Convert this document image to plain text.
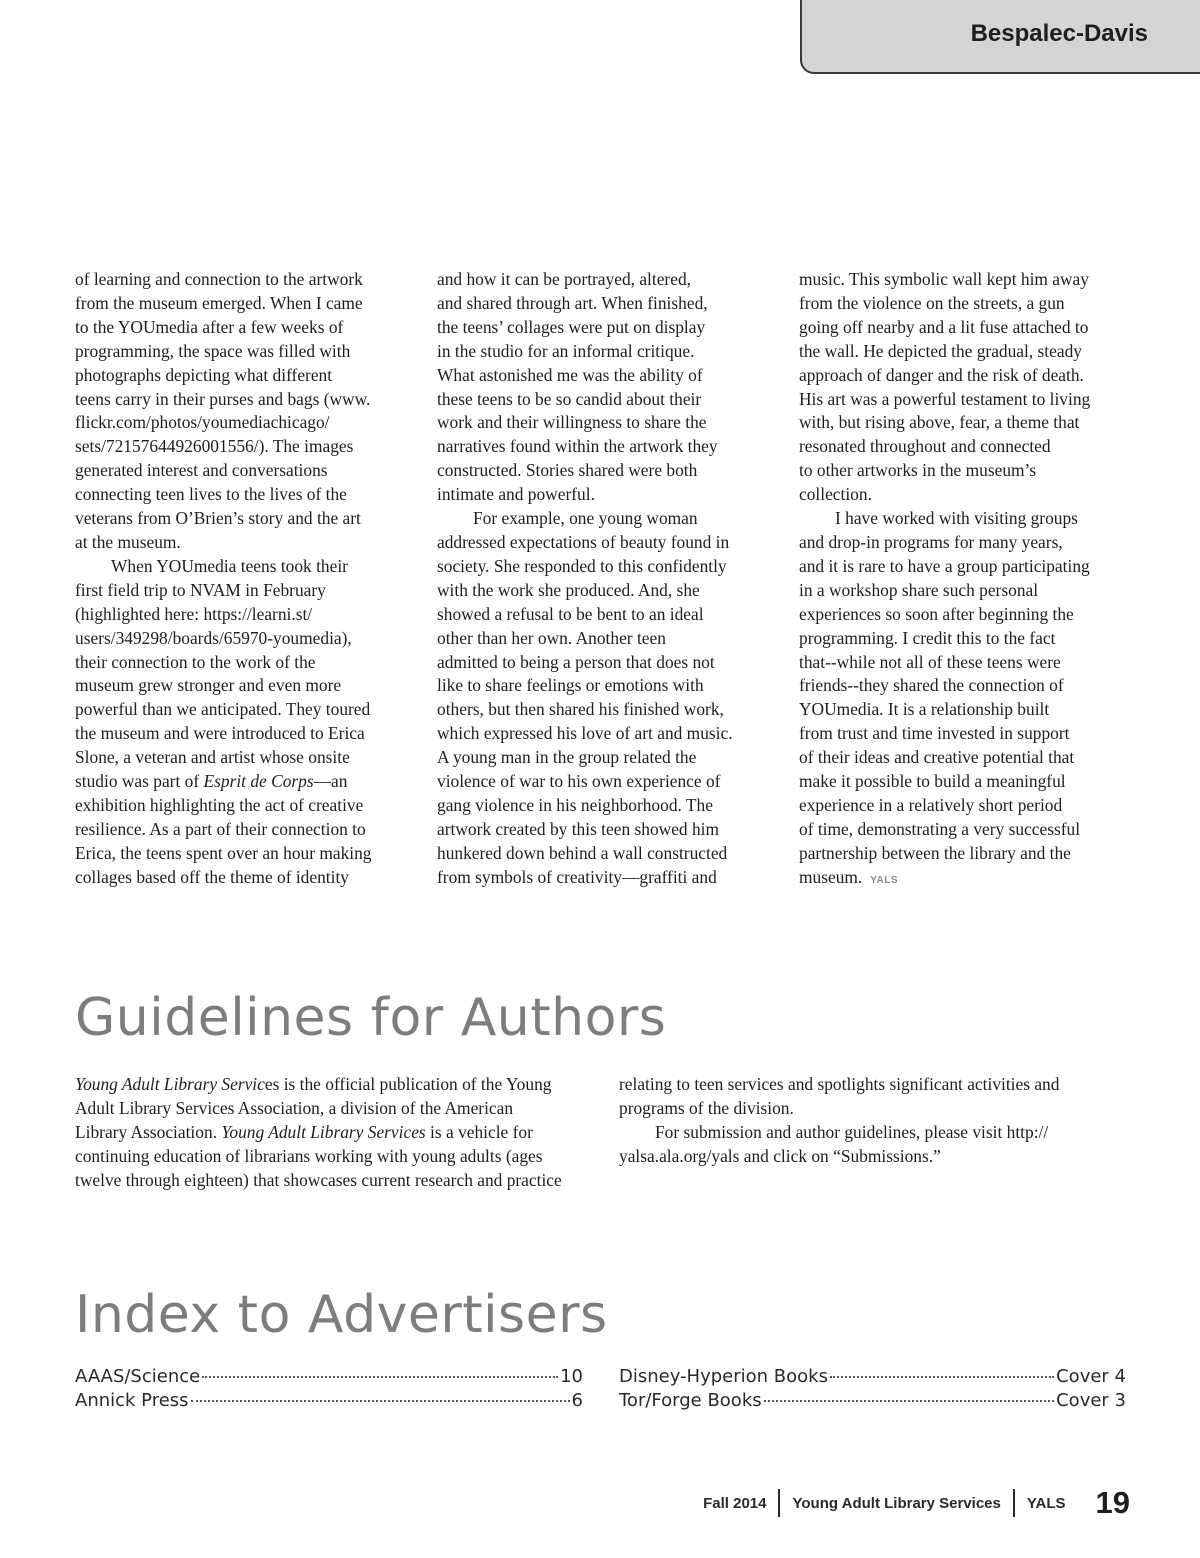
Bespalec-Davis

of learning and connection to the artwork
from the museum emerged. When I came
to the YOUmedia after a few weeks of
programming, the space was filled with
photographs depicting what different
teens carry in their purses and bags (www.
flickr.com/photos/youmediachicago/
sets/72157644926001556/). The images
generated interest and conversations
connecting teen lives to the lives of the
veterans from O’Brien’s story and the art
at the museum.

When YOUmedia teens took their
first field trip to NVAM in February
(highlighted here: https://learni.st/
users/349298/boards/65970-youmedia),
their connection to the work of the
museum grew stronger and even more
powerful than we anticipated. They toured
the museum and were introduced to Erica
Slone, a veteran and artist whose onsite
studio was part of Esprit de Corps—an
exhibition highlighting the act of creative
resilience. As a part of their connection to
Erica, the teens spent over an hour making
collages based off the theme of identity

and how it can be portrayed, altered,
and shared through art. When finished,
the teens’ collages were put on display
in the studio for an informal critique.
What astonished me was the ability of
these teens to be so candid about their
work and their willingness to share the
narratives found within the artwork they
constructed. Stories shared were both
intimate and powerful.

For example, one young woman
addressed expectations of beauty found in
society. She responded to this confidently
with the work she produced. And, she
showed a refusal to be bent to an ideal
other than her own. Another teen
admitted to being a person that does not
like to share feelings or emotions with
others, but then shared his finished work,
which expressed his love of art and music.
A young man in the group related the
violence of war to his own experience of
gang violence in his neighborhood. The
artwork created by this teen showed him
hunkered down behind a wall constructed
from symbols of creativity—graffiti and

music. This symbolic wall kept him away
from the violence on the streets, a gun
going off nearby and a lit fuse attached to
the wall. He depicted the gradual, steady
approach of danger and the risk of death.
His art was a powerful testament to living
with, but rising above, fear, a theme that
resonated throughout and connected
to other artworks in the museum’s
collection.

I have worked with visiting groups
and drop-in programs for many years,
and it is rare to have a group participating
in a workshop share such personal
experiences so soon after beginning the
programming. I credit this to the fact
that--while not all of these teens were
friends--they shared the connection of
YOUmedia. It is a relationship built
from trust and time invested in support
of their ideas and creative potential that
make it possible to build a meaningful
experience in a relatively short period
of time, demonstrating a very successful
partnership between the library and the
museum. YALS

Guidelines for Authors

Young Adult Library Services is the official publication of the Young
Adult Library Services Association, a division of the American
Library Association. Young Adult Library Services is a vehicle for
continuing education of librarians working with young adults (ages
twelve through eighteen) that showcases current research and practice

relating to teen services and spotlights significant activities and
programs of the division.

For submission and author guidelines, please visit http://
yalsa.ala.org/yals and click on “Submissions.”

Index to Advertisers
AAAS/Science	10
Annick Press	6
Disney-Hyperion Books	Cover 4
Tor/Forge Books	Cover 3
Fall 2014 Young Adult Library Services YALS 19
